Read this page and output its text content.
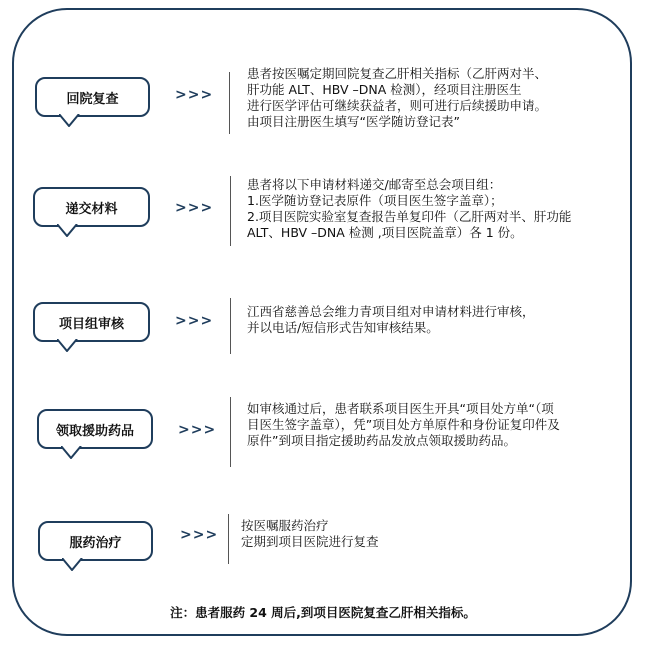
回院复查	>>>
患者按医嘱定期回院复查乙肝相关指标（乙肝两对半、
肝功能 ALT、HBV –DNA 检测），经项目注册医生
进行医学评估可继续获益者，则可进行后续援助申请。
由项目注册医生填写“医学随访登记表”
递交材料	>>>
患者将以下申请材料递交/邮寄至总会项目组：
1.医学随访登记表原件（项目医生签字盖章）；
2.项目医院实验室复查报告单复印件（乙肝两对半、肝功能
ALT、HBV –DNA 检测 ,项目医院盖章）各 1 份。
项目组审核	>>>
江西省慈善总会维力青项目组对申请材料进行审核，
并以电话/短信形式告知审核结果。
领取援助药品	>>>
如审核通过后，患者联系项目医生开具“项目处方单“（项
目医生签字盖章），凭”项目处方单原件和身份证复印件及
原件”到项目指定援助药品发放点领取援助药品。
服药治疗	>>>
按医嘱服药治疗
定期到项目医院进行复查
注：患者服药 24 周后,到项目医院复查乙肝相关指标。
